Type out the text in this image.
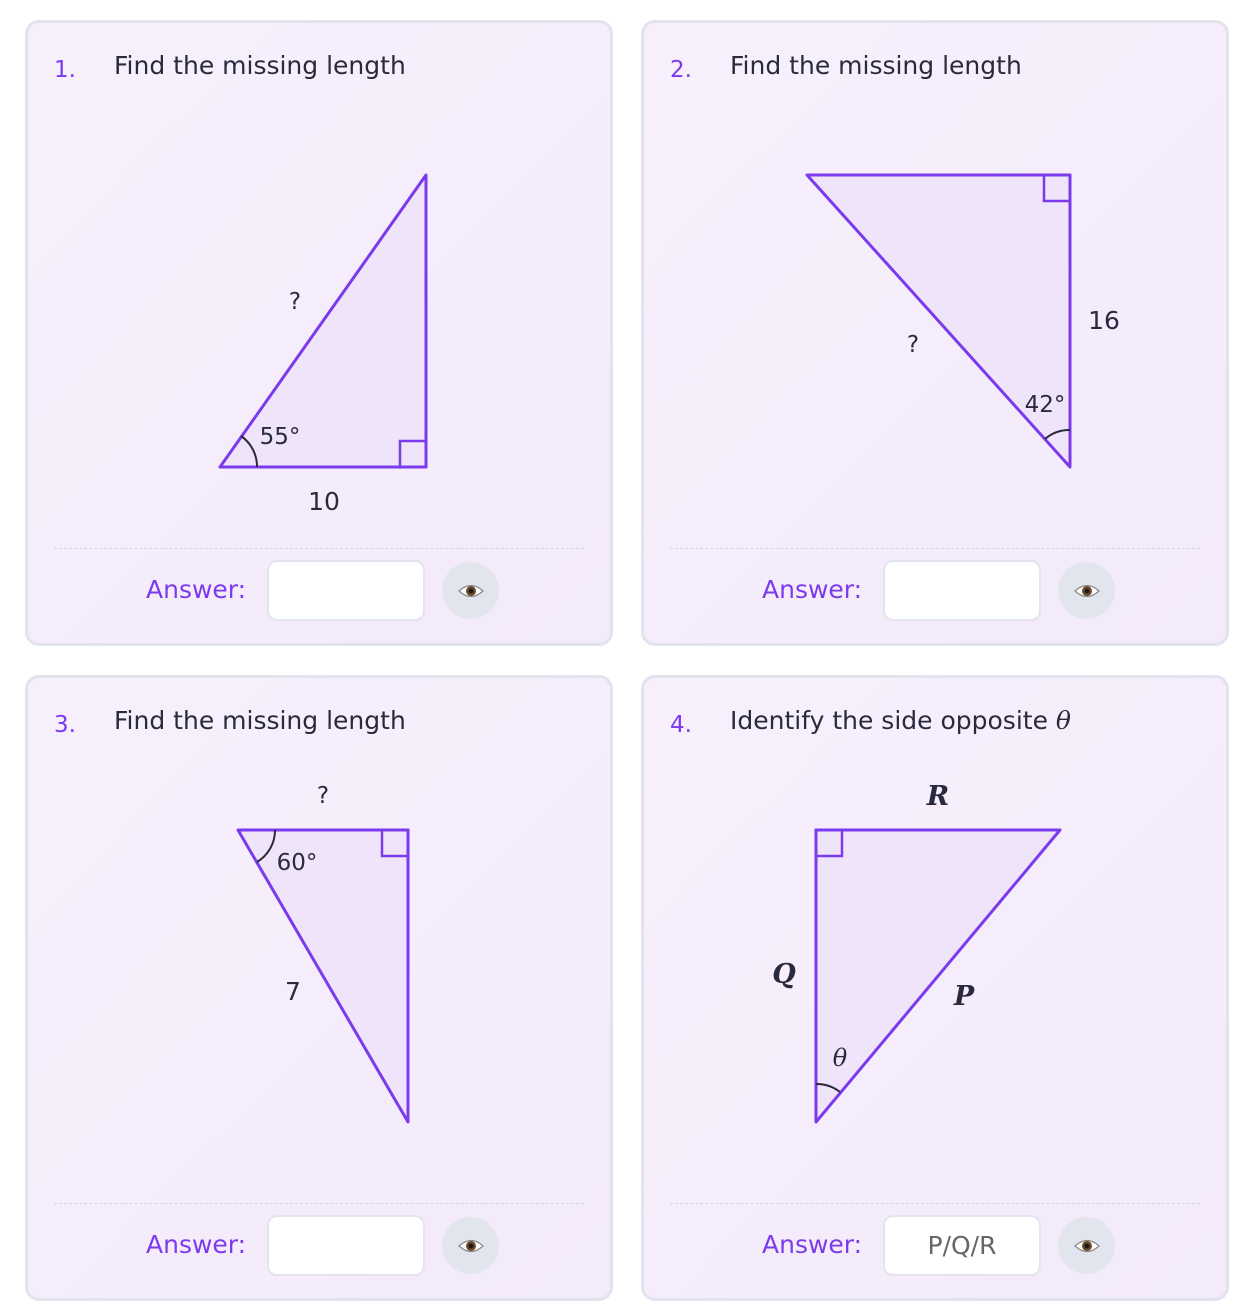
1. Find the missing length
?
55°
10
Answer:
2. Find the missing length
?
16
42°
Answer:
3. Find the missing length
?
60°
7
Answer:
4. Identify the side opposite θ
R
Q
P
θ
Answer:
P/Q/R
